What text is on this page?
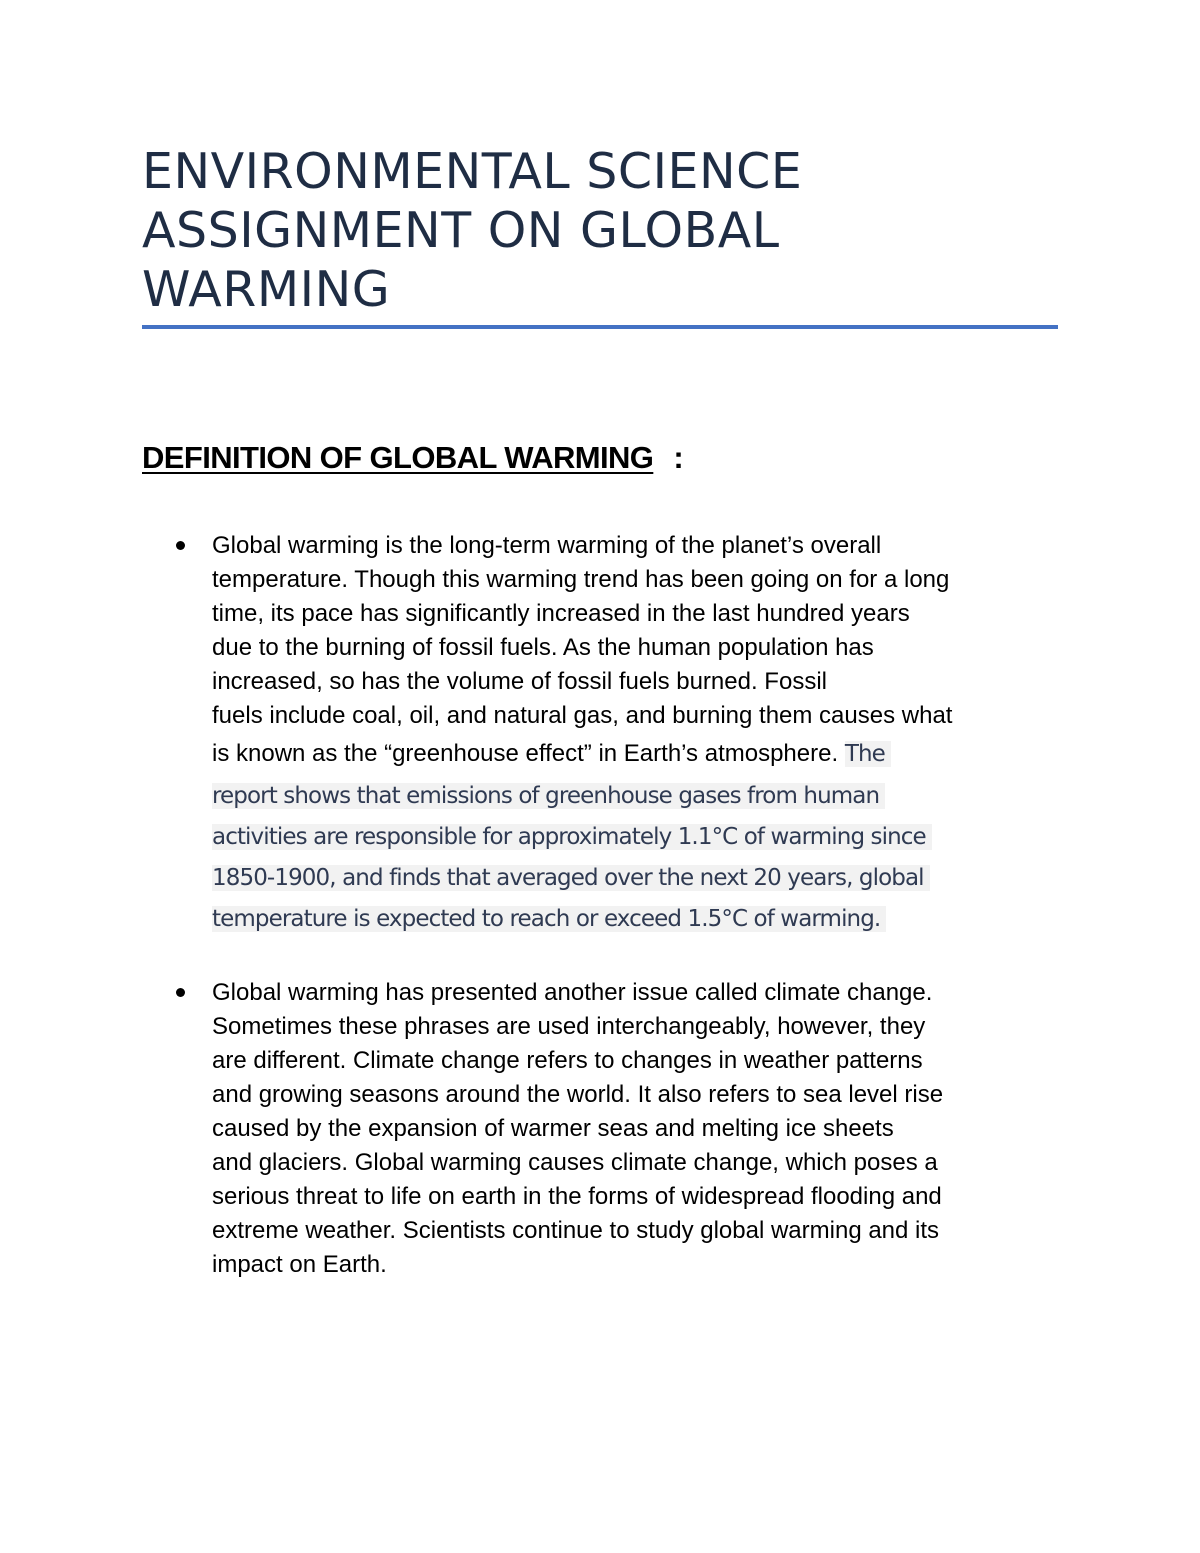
ENVIRONMENTAL SCIENCE
ASSIGNMENT ON GLOBAL
WARMING
DEFINITION OF GLOBAL WARMING :
Global warming is the long-term warming of the planet’s overall
temperature. Though this warming trend has been going on for a long
time, its pace has significantly increased in the last hundred years
due to the burning of fossil fuels. As the human population has
increased, so has the volume of fossil fuels burned. Fossil
fuels include coal, oil, and natural gas, and burning them causes what
is known as the “greenhouse effect” in Earth’s atmosphere. The
report shows that emissions of greenhouse gases from human
activities are responsible for approximately 1.1°C of warming since
1850-1900, and finds that averaged over the next 20 years, global
temperature is expected to reach or exceed 1.5°C of warming.
Global warming has presented another issue called climate change.
Sometimes these phrases are used interchangeably, however, they
are different. Climate change refers to changes in weather patterns
and growing seasons around the world. It also refers to sea level rise
caused by the expansion of warmer seas and melting ice sheets
and glaciers. Global warming causes climate change, which poses a
serious threat to life on earth in the forms of widespread flooding and
extreme weather. Scientists continue to study global warming and its
impact on Earth.
